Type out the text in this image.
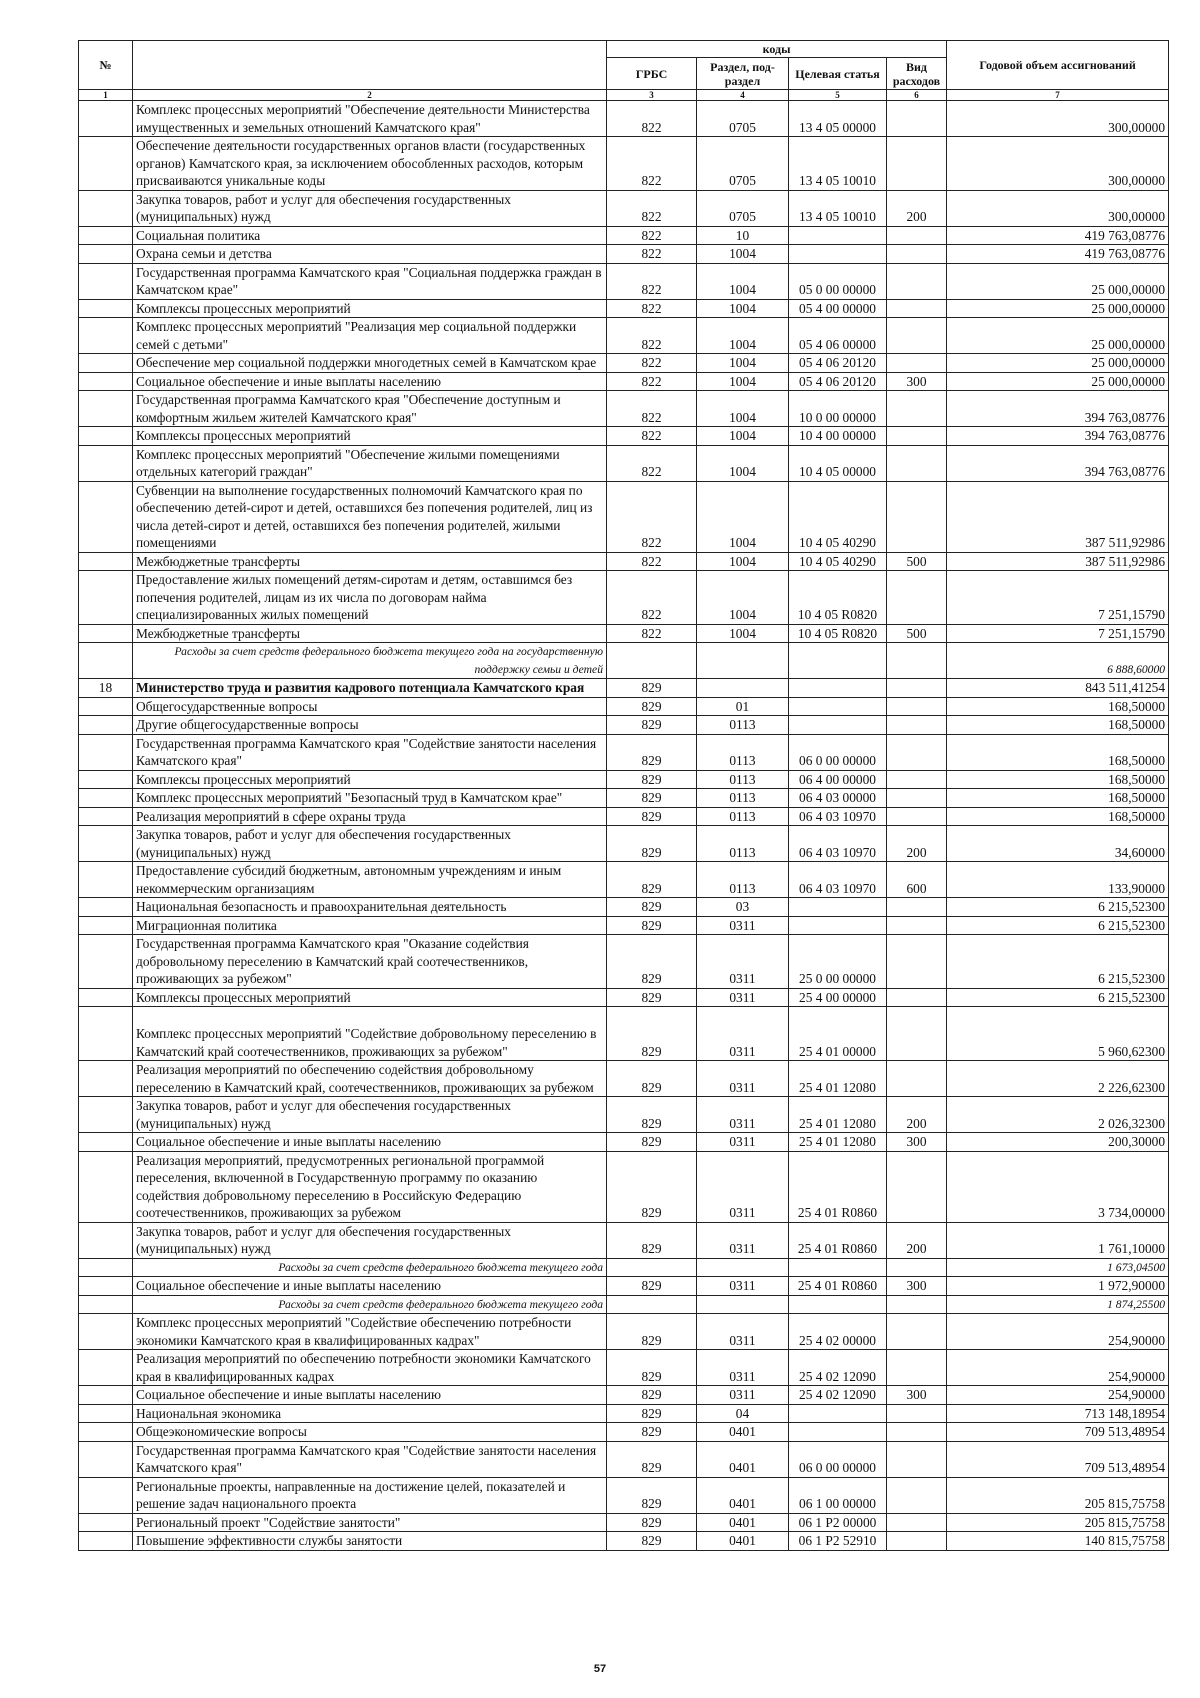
№		коды				Годовой объем ассигнований
		ГРБС	Раздел, под-раздел	Целевая статья	Вид расходов	
1	2	3	4	5	6	7
	Комплекс процессных мероприятий "Обеспечение деятельности Министерства имущественных и земельных отношений Камчатского края"	822	0705	13 4 05 00000		300,00000
	Обеспечение деятельности государственных органов власти (государственных органов) Камчатского края, за исключением обособленных расходов, которым присваиваются уникальные коды	822	0705	13 4 05 10010		300,00000
	Закупка товаров, работ и услуг для обеспечения государственных (муниципальных) нужд	822	0705	13 4 05 10010	200	300,00000
	Социальная политика	822	10			419 763,08776
	Охрана семьи и детства	822	1004			419 763,08776
	Государственная программа Камчатского края "Социальная поддержка граждан в Камчатском крае"	822	1004	05 0 00 00000		25 000,00000
	Комплексы процессных мероприятий	822	1004	05 4 00 00000		25 000,00000
	Комплекс процессных мероприятий "Реализация мер социальной поддержки семей с детьми"	822	1004	05 4 06 00000		25 000,00000
	Обеспечение мер социальной поддержки многодетных семей в Камчатском крае	822	1004	05 4 06 20120		25 000,00000
	Социальное обеспечение и иные выплаты населению	822	1004	05 4 06 20120	300	25 000,00000
	Государственная программа Камчатского края "Обеспечение доступным и комфортным жильем жителей Камчатского края"	822	1004	10 0 00 00000		394 763,08776
	Комплексы процессных мероприятий	822	1004	10 4 00 00000		394 763,08776
	Комплекс процессных мероприятий "Обеспечение жилыми помещениями отдельных категорий граждан"	822	1004	10 4 05 00000		394 763,08776
	Субвенции на выполнение государственных полномочий Камчатского края по обеспечению детей-сирот и детей, оставшихся без попечения родителей, лиц из числа детей-сирот и детей, оставшихся без попечения родителей, жилыми помещениями	822	1004	10 4 05 40290		387 511,92986
	Межбюджетные трансферты	822	1004	10 4 05 40290	500	387 511,92986
	Предоставление жилых помещений детям-сиротам и детям, оставшимся без попечения родителей, лицам из их числа по договорам найма специализированных жилых помещений	822	1004	10 4 05 R0820		7 251,15790
	Межбюджетные трансферты	822	1004	10 4 05 R0820	500	7 251,15790
	Расходы за счет средств федерального бюджета текущего года на государственную поддержку семьи и детей					6 888,60000
18	Министерство труда и развития кадрового потенциала Камчатского края	829				843 511,41254
	Общегосударственные вопросы	829	01			168,50000
	Другие общегосударственные вопросы	829	0113			168,50000
	Государственная программа Камчатского края "Содействие занятости населения Камчатского края"	829	0113	06 0 00 00000		168,50000
	Комплексы процессных мероприятий	829	0113	06 4 00 00000		168,50000
	Комплекс процессных мероприятий "Безопасный труд в Камчатском крае"	829	0113	06 4 03 00000		168,50000
	Реализация мероприятий в сфере охраны труда	829	0113	06 4 03 10970		168,50000
	Закупка товаров, работ и услуг для обеспечения государственных (муниципальных) нужд	829	0113	06 4 03 10970	200	34,60000
	Предоставление субсидий бюджетным, автономным учреждениям и иным некоммерческим организациям	829	0113	06 4 03 10970	600	133,90000
	Национальная безопасность и правоохранительная деятельность	829	03			6 215,52300
	Миграционная политика	829	0311			6 215,52300
	Государственная программа Камчатского края "Оказание содействия добровольному переселению в Камчатский край соотечественников, проживающих за рубежом"	829	0311	25 0 00 00000		6 215,52300
	Комплексы процессных мероприятий	829	0311	25 4 00 00000		6 215,52300
	Комплекс процессных мероприятий "Содействие добровольному переселению в Камчатский край соотечественников, проживающих за рубежом"	829	0311	25 4 01 00000		5 960,62300
	Реализация мероприятий по обеспечению содействия добровольному переселению в Камчатский край, соотечественников, проживающих за рубежом	829	0311	25 4 01 12080		2 226,62300
	Закупка товаров, работ и услуг для обеспечения государственных (муниципальных) нужд	829	0311	25 4 01 12080	200	2 026,32300
	Социальное обеспечение и иные выплаты населению	829	0311	25 4 01 12080	300	200,30000
	Реализация мероприятий, предусмотренных региональной программой переселения, включенной в Государственную программу по оказанию содействия добровольному переселению в Российскую Федерацию соотечественников, проживающих за рубежом	829	0311	25 4 01 R0860		3 734,00000
	Закупка товаров, работ и услуг для обеспечения государственных (муниципальных) нужд	829	0311	25 4 01 R0860	200	1 761,10000
	Расходы за счет средств федерального бюджета текущего года					1 673,04500
	Социальное обеспечение и иные выплаты населению	829	0311	25 4 01 R0860	300	1 972,90000
	Расходы за счет средств федерального бюджета текущего года					1 874,25500
	Комплекс процессных мероприятий "Содействие обеспечению потребности экономики Камчатского края в квалифицированных кадрах"	829	0311	25 4 02 00000		254,90000
	Реализация мероприятий по обеспечению потребности экономики Камчатского края в квалифицированных кадрах	829	0311	25 4 02 12090		254,90000
	Социальное обеспечение и иные выплаты населению	829	0311	25 4 02 12090	300	254,90000
	Национальная экономика	829	04			713 148,18954
	Общеэкономические вопросы	829	0401			709 513,48954
	Государственная программа Камчатского края "Содействие занятости населения Камчатского края"	829	0401	06 0 00 00000		709 513,48954
	Региональные проекты, направленные на достижение целей, показателей и решение задач национального проекта	829	0401	06 1 00 00000		205 815,75758
	Региональный проект "Содействие занятости"	829	0401	06 1 P2 00000		205 815,75758
	Повышение эффективности службы занятости	829	0401	06 1 P2 52910		140 815,75758
57
